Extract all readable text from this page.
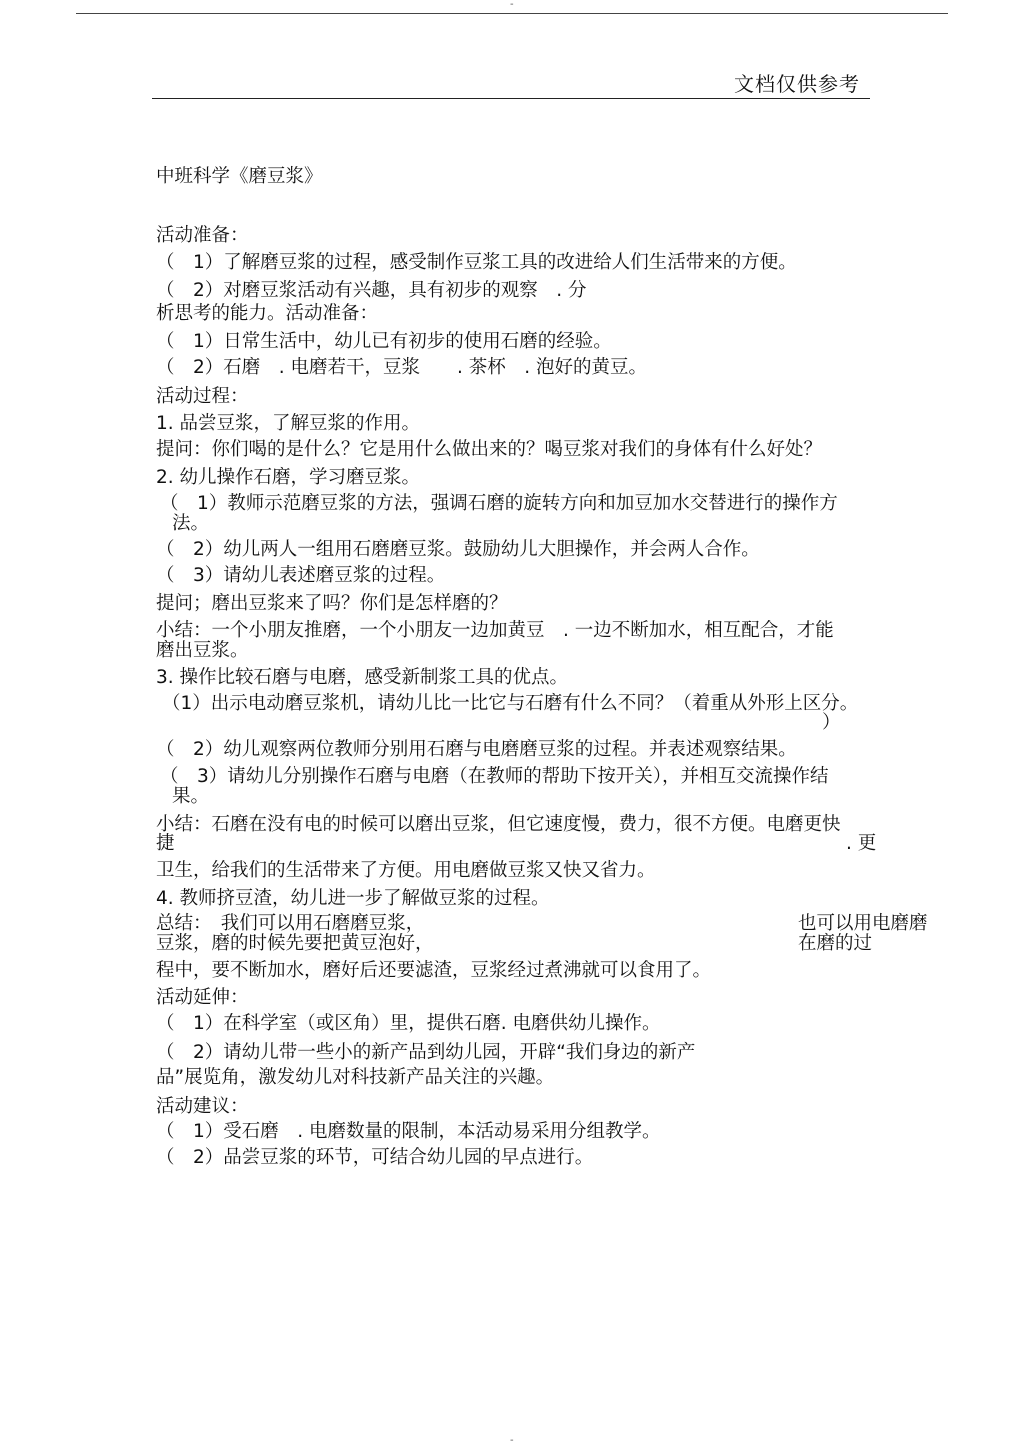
-
文档仅供参考
中班科学《磨豆浆》
活动准备：
（　1）了解磨豆浆的过程，感受制作豆浆工具的改进给人们生活带来的方便。
（　2）对磨豆浆活动有兴趣，具有初步的观察　. 分
析思考的能力。活动准备：
（　1）日常生活中，幼儿已有初步的使用石磨的经验。
（　2）石磨　. 电磨若干，豆浆　　. 茶杯　. 泡好的黄豆。
活动过程：
1. 品尝豆浆，了解豆浆的作用。
提问：你们喝的是什么？它是用什么做出来的？喝豆浆对我们的身体有什么好处？
2. 幼儿操作石磨，学习磨豆浆。
（　1）教师示范磨豆浆的方法，强调石磨的旋转方向和加豆加水交替进行的操作方
法。
（　2）幼儿两人一组用石磨磨豆浆。鼓励幼儿大胆操作，并会两人合作。
（　3）请幼儿表述磨豆浆的过程。
提问；磨出豆浆来了吗？你们是怎样磨的？
小结：一个小朋友推磨，一个小朋友一边加黄豆　. 一边不断加水，相互配合，才能
磨出豆浆。
3. 操作比较石磨与电磨，感受新制浆工具的优点。
（1）出示电动磨豆浆机，请幼儿比一比它与石磨有什么不同？（着重从外形上区分。
）
（　2）幼儿观察两位教师分别用石磨与电磨磨豆浆的过程。并表述观察结果。
（　3）请幼儿分别操作石磨与电磨（在教师的帮助下按开关），并相互交流操作结
果。
小结：石磨在没有电的时候可以磨出豆浆，但它速度慢，费力，很不方便。电磨更快
捷	. 更
卫生，给我们的生活带来了方便。用电磨做豆浆又快又省力。
4. 教师挤豆渣，幼儿进一步了解做豆浆的过程。
总结：　我们可以用石磨磨豆浆，	也可以用电磨磨
豆浆，磨的时候先要把黄豆泡好，	在磨的过
程中，要不断加水，磨好后还要滤渣，豆浆经过煮沸就可以食用了。
活动延伸：
（　1）在科学室（或区角）里，提供石磨. 电磨供幼儿操作。
（　2）请幼儿带一些小的新产品到幼儿园，开辟“我们身边的新产
品”展览角，激发幼儿对科技新产品关注的兴趣。
活动建议：
（　1）受石磨　. 电磨数量的限制，本活动易采用分组教学。
（　2）品尝豆浆的环节，可结合幼儿园的早点进行。
-
